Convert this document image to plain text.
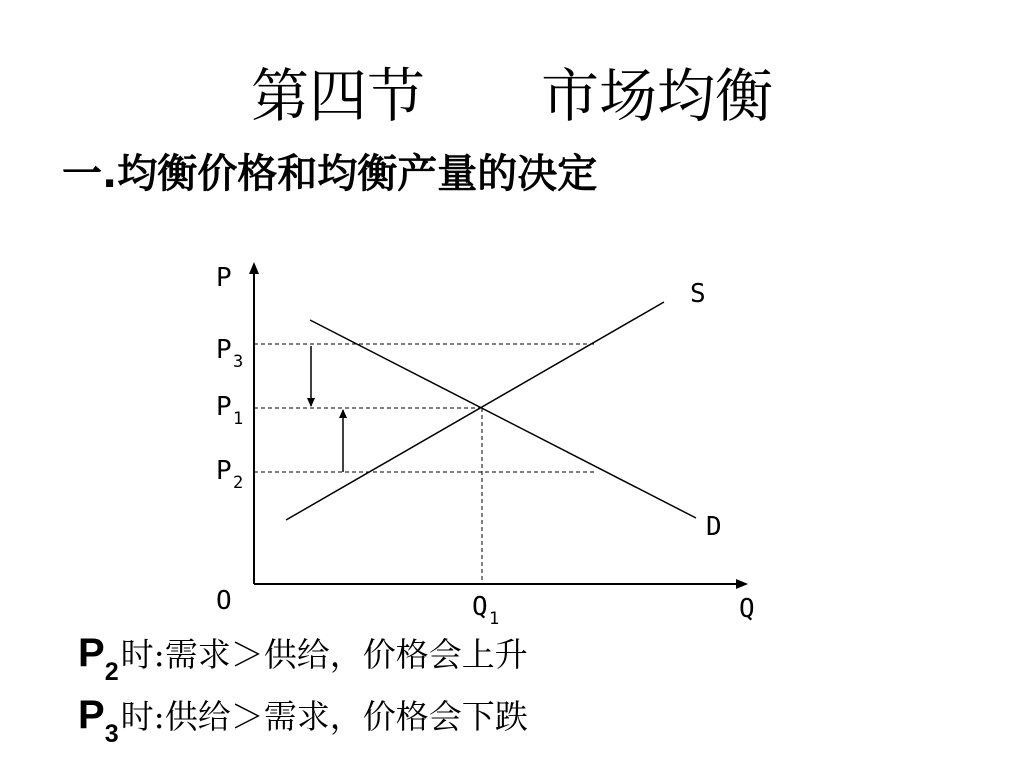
第四节　　市场均衡
一.均衡价格和均衡产量的决定
P
O	Q
P 3
P 1
P 2
Q 1
S
D
$P_2$时:需求＞供给，价格会上升
$P_3$时:供给＞需求，价格会下跌
